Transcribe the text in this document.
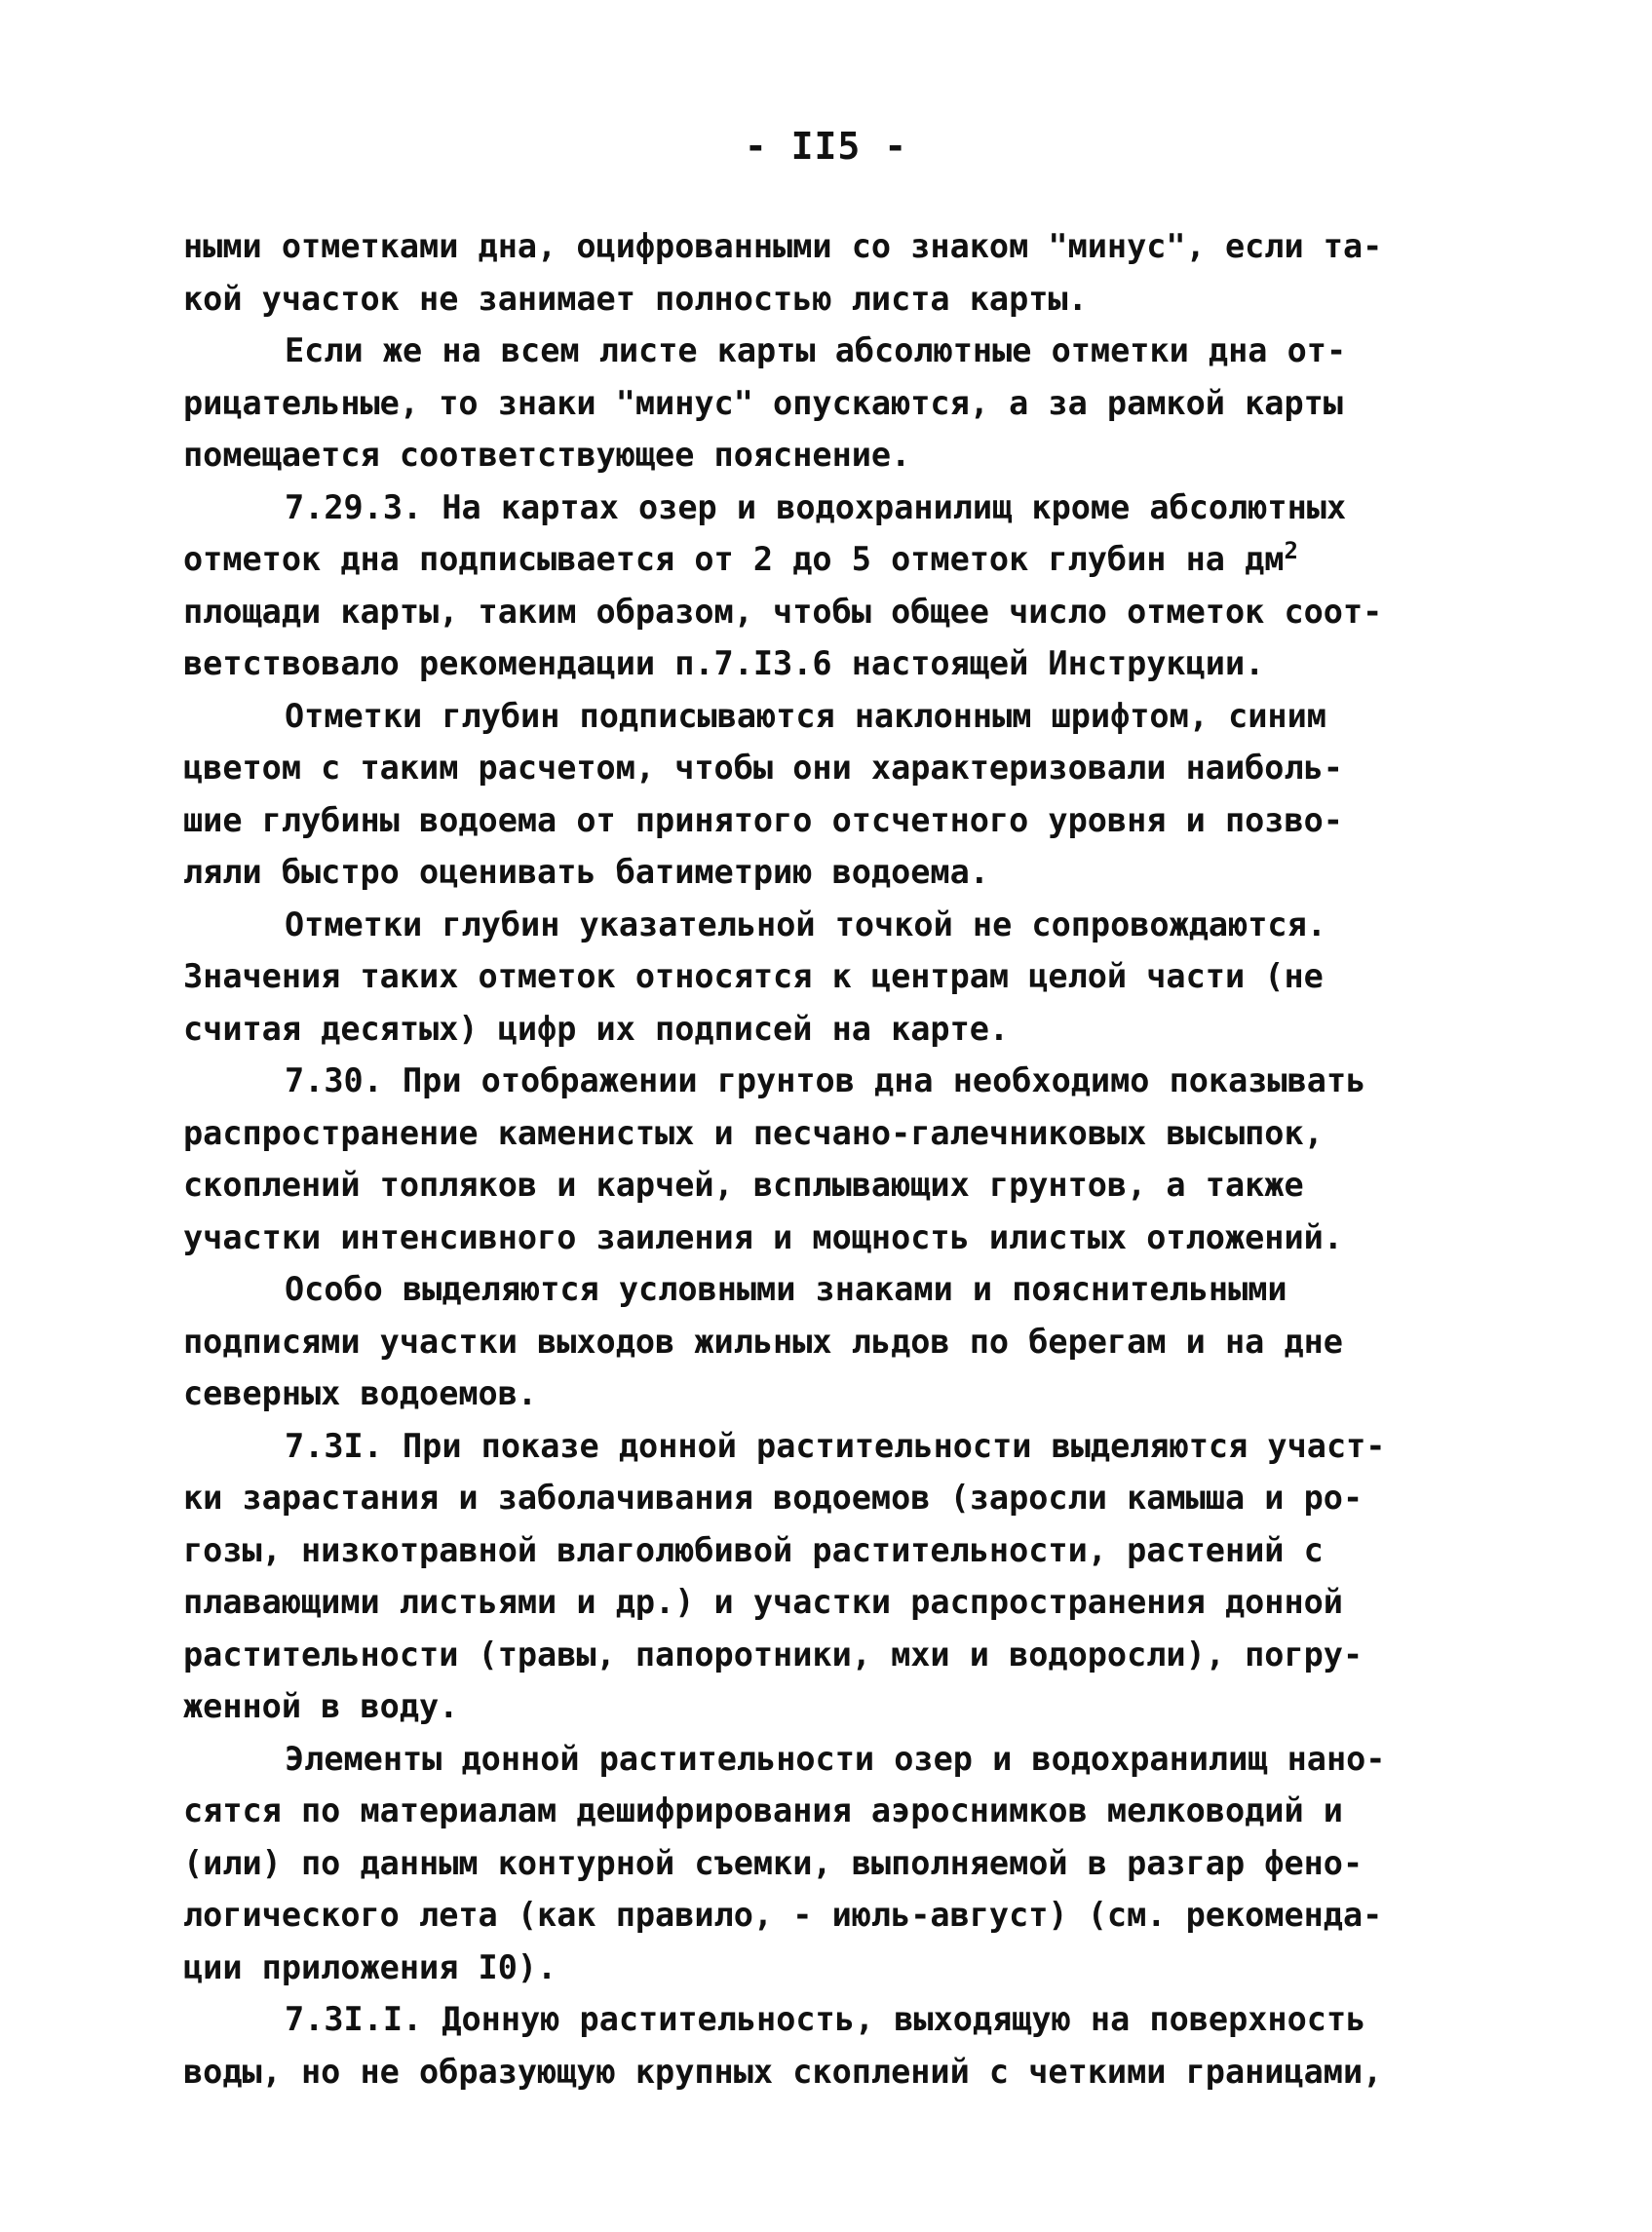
- II5 -
ными отметками дна, оцифрованными со знаком "минус", если та-
кой участок не занимает полностью листа карты.
Если же на всем листе карты абсолютные отметки дна от-
рицательные, то знаки "минус" опускаются, а за рамкой карты
помещается соответствующее пояснение.
7.29.3. На картах озер и водохранилищ кроме абсолютных
отметок дна подписывается от 2 до 5 отметок глубин на $дм^2$
площади карты, таким образом, чтобы общее число отметок соот-
ветствовало рекомендации п.7.I3.6 настоящей Инструкции.
Отметки глубин подписываются наклонным шрифтом, синим
цветом с таким расчетом, чтобы они характеризовали наиболь-
шие глубины водоема от принятого отсчетного уровня и позво-
ляли быстро оценивать батиметрию водоема.
Отметки глубин указательной точкой не сопровождаются.
Значения таких отметок относятся к центрам целой части (не
считая десятых) цифр их подписей на карте.
7.30. При отображении грунтов дна необходимо показывать
распространение каменистых и песчано-галечниковых высыпок,
скоплений топляков и карчей, всплывающих грунтов, а также
участки интенсивного заиления и мощность илистых отложений.
Особо выделяются условными знаками и пояснительными
подписями участки выходов жильных льдов по берегам и на дне
северных водоемов.
7.3I. При показе донной растительности выделяются участ-
ки зарастания и заболачивания водоемов (заросли камыша и ро-
гозы, низкотравной влаголюбивой растительности, растений с
плавающими листьями и др.) и участки распространения донной
растительности (травы, папоротники, мхи и водоросли), погру-
женной в воду.
Элементы донной растительности озер и водохранилищ нано-
сятся по материалам дешифрирования аэроснимков мелководий и
(или) по данным контурной съемки, выполняемой в разгар фено-
логического лета (как правило, - июль-август) (см. рекоменда-
ции приложения I0).
7.3I.I. Донную растительность, выходящую на поверхность
воды, но не образующую крупных скоплений с четкими границами,
